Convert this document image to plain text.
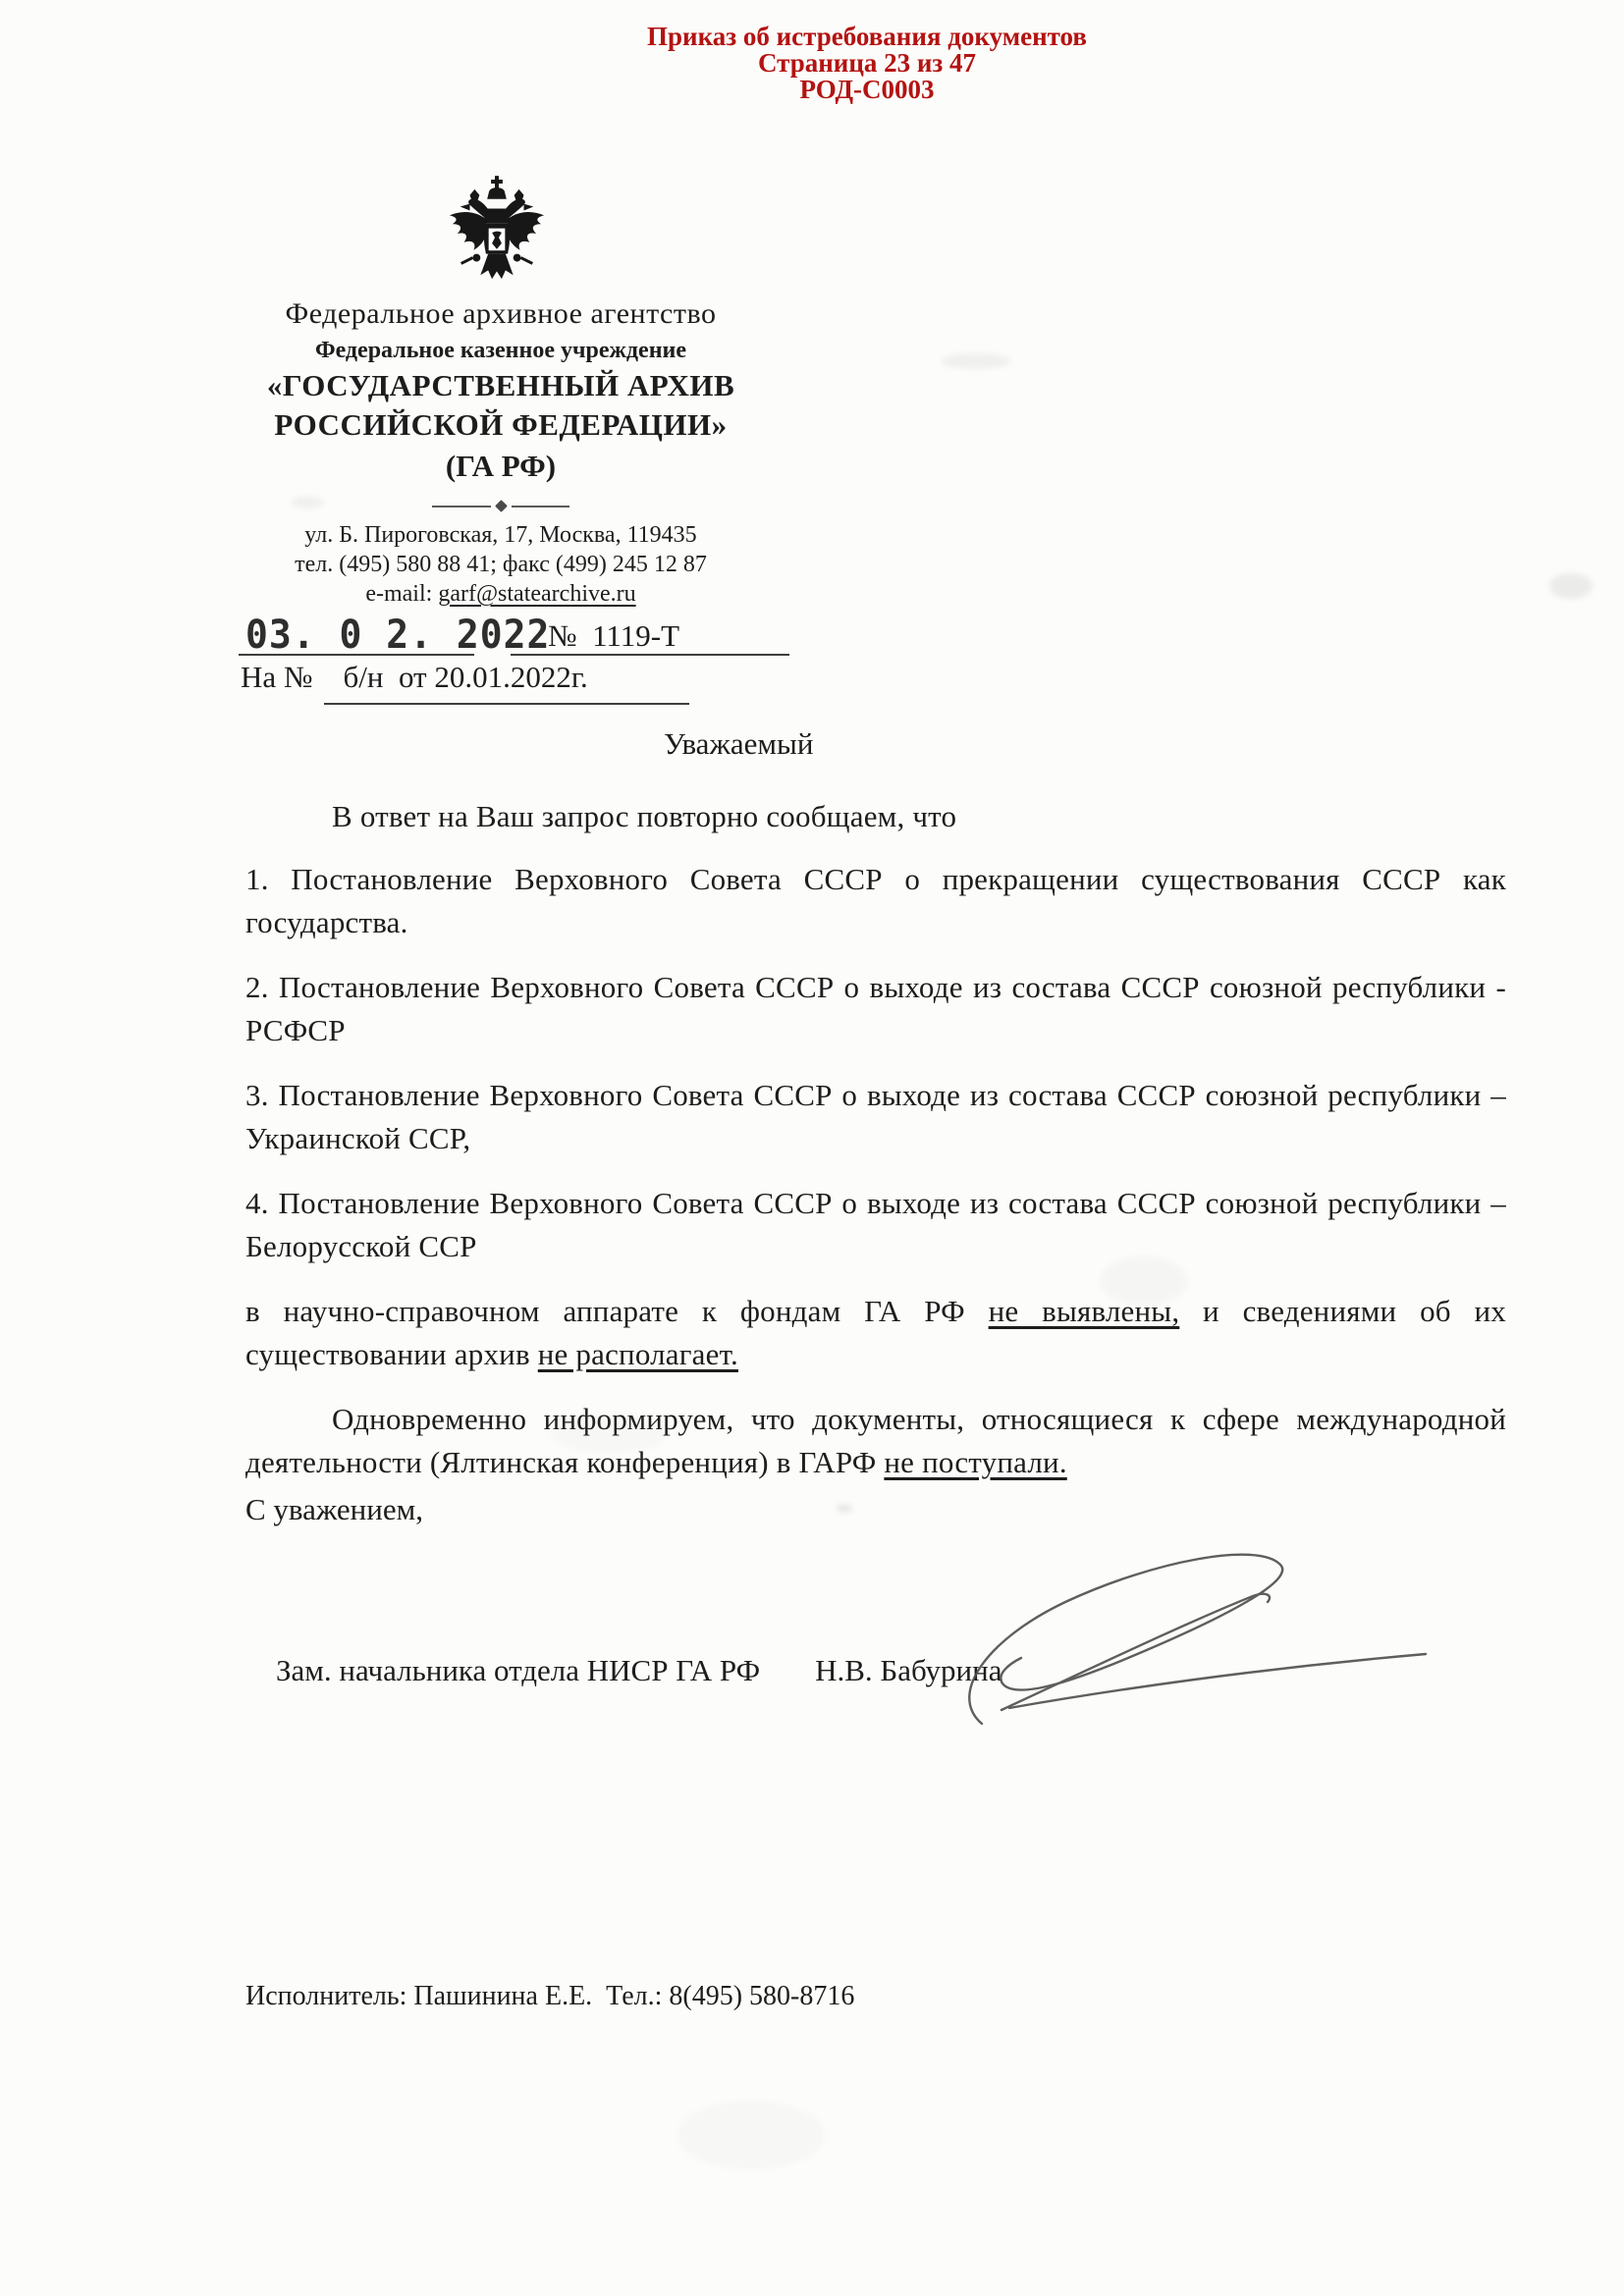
Приказ об истребования документов
Страница 23 из 47
РОД-С0003
Федеральное архивное агентство
Федеральное казенное учреждение
«ГОСУДАРСТВЕННЫЙ АРХИВ
РОССИЙСКОЙ ФЕДЕРАЦИИ»
(ГА РФ)
ул. Б. Пироговская, 17, Москва, 119435
тел. (495) 580 88 41; факс (499) 245 12 87
e-mail: garf@statearchive.ru
03. 0 2. 2022
№  1119-Т
На №    б/н  от 20.01.2022г.
Уважаемый

В ответ на Ваш запрос повторно сообщаем, что

1. Постановление Верховного Совета СССР о прекращении существования СССР как государства.

2. Постановление Верховного Совета СССР о выходе из состава СССР союзной республики - РСФСР

3. Постановление Верховного Совета СССР о выходе из состава СССР союзной республики – Украинской ССР,

4. Постановление Верховного Совета СССР о выходе из состава СССР союзной республики – Белорусской ССР

в научно-справочном аппарате к фондам ГА РФ не выявлены, и сведениями об их существовании архив не располагает.

Одновременно информируем, что документы, относящиеся к сфере международной деятельности (Ялтинская конференция) в ГАРФ не поступали.

С уважением,

Зам. начальника отдела НИСР ГА РФ Н.В. Бабурина

Исполнитель: Пашинина Е.Е.  Тел.: 8(495) 580-8716
